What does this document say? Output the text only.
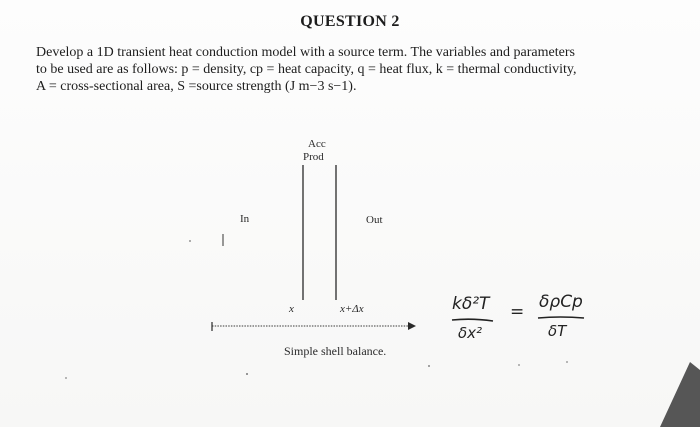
QUESTION 2
Develop a 1D transient heat conduction model with a source term. The variables and parameters
to be used are as follows: p = density, cp = heat capacity, q = heat flux, k = thermal conductivity,
A = cross-sectional area, S =source strength (J m−3 s−1).
Acc
Prod
In	Out
x	x+Δx
Simple shell balance.
kδ²T
δx²
= δρCp
δT
